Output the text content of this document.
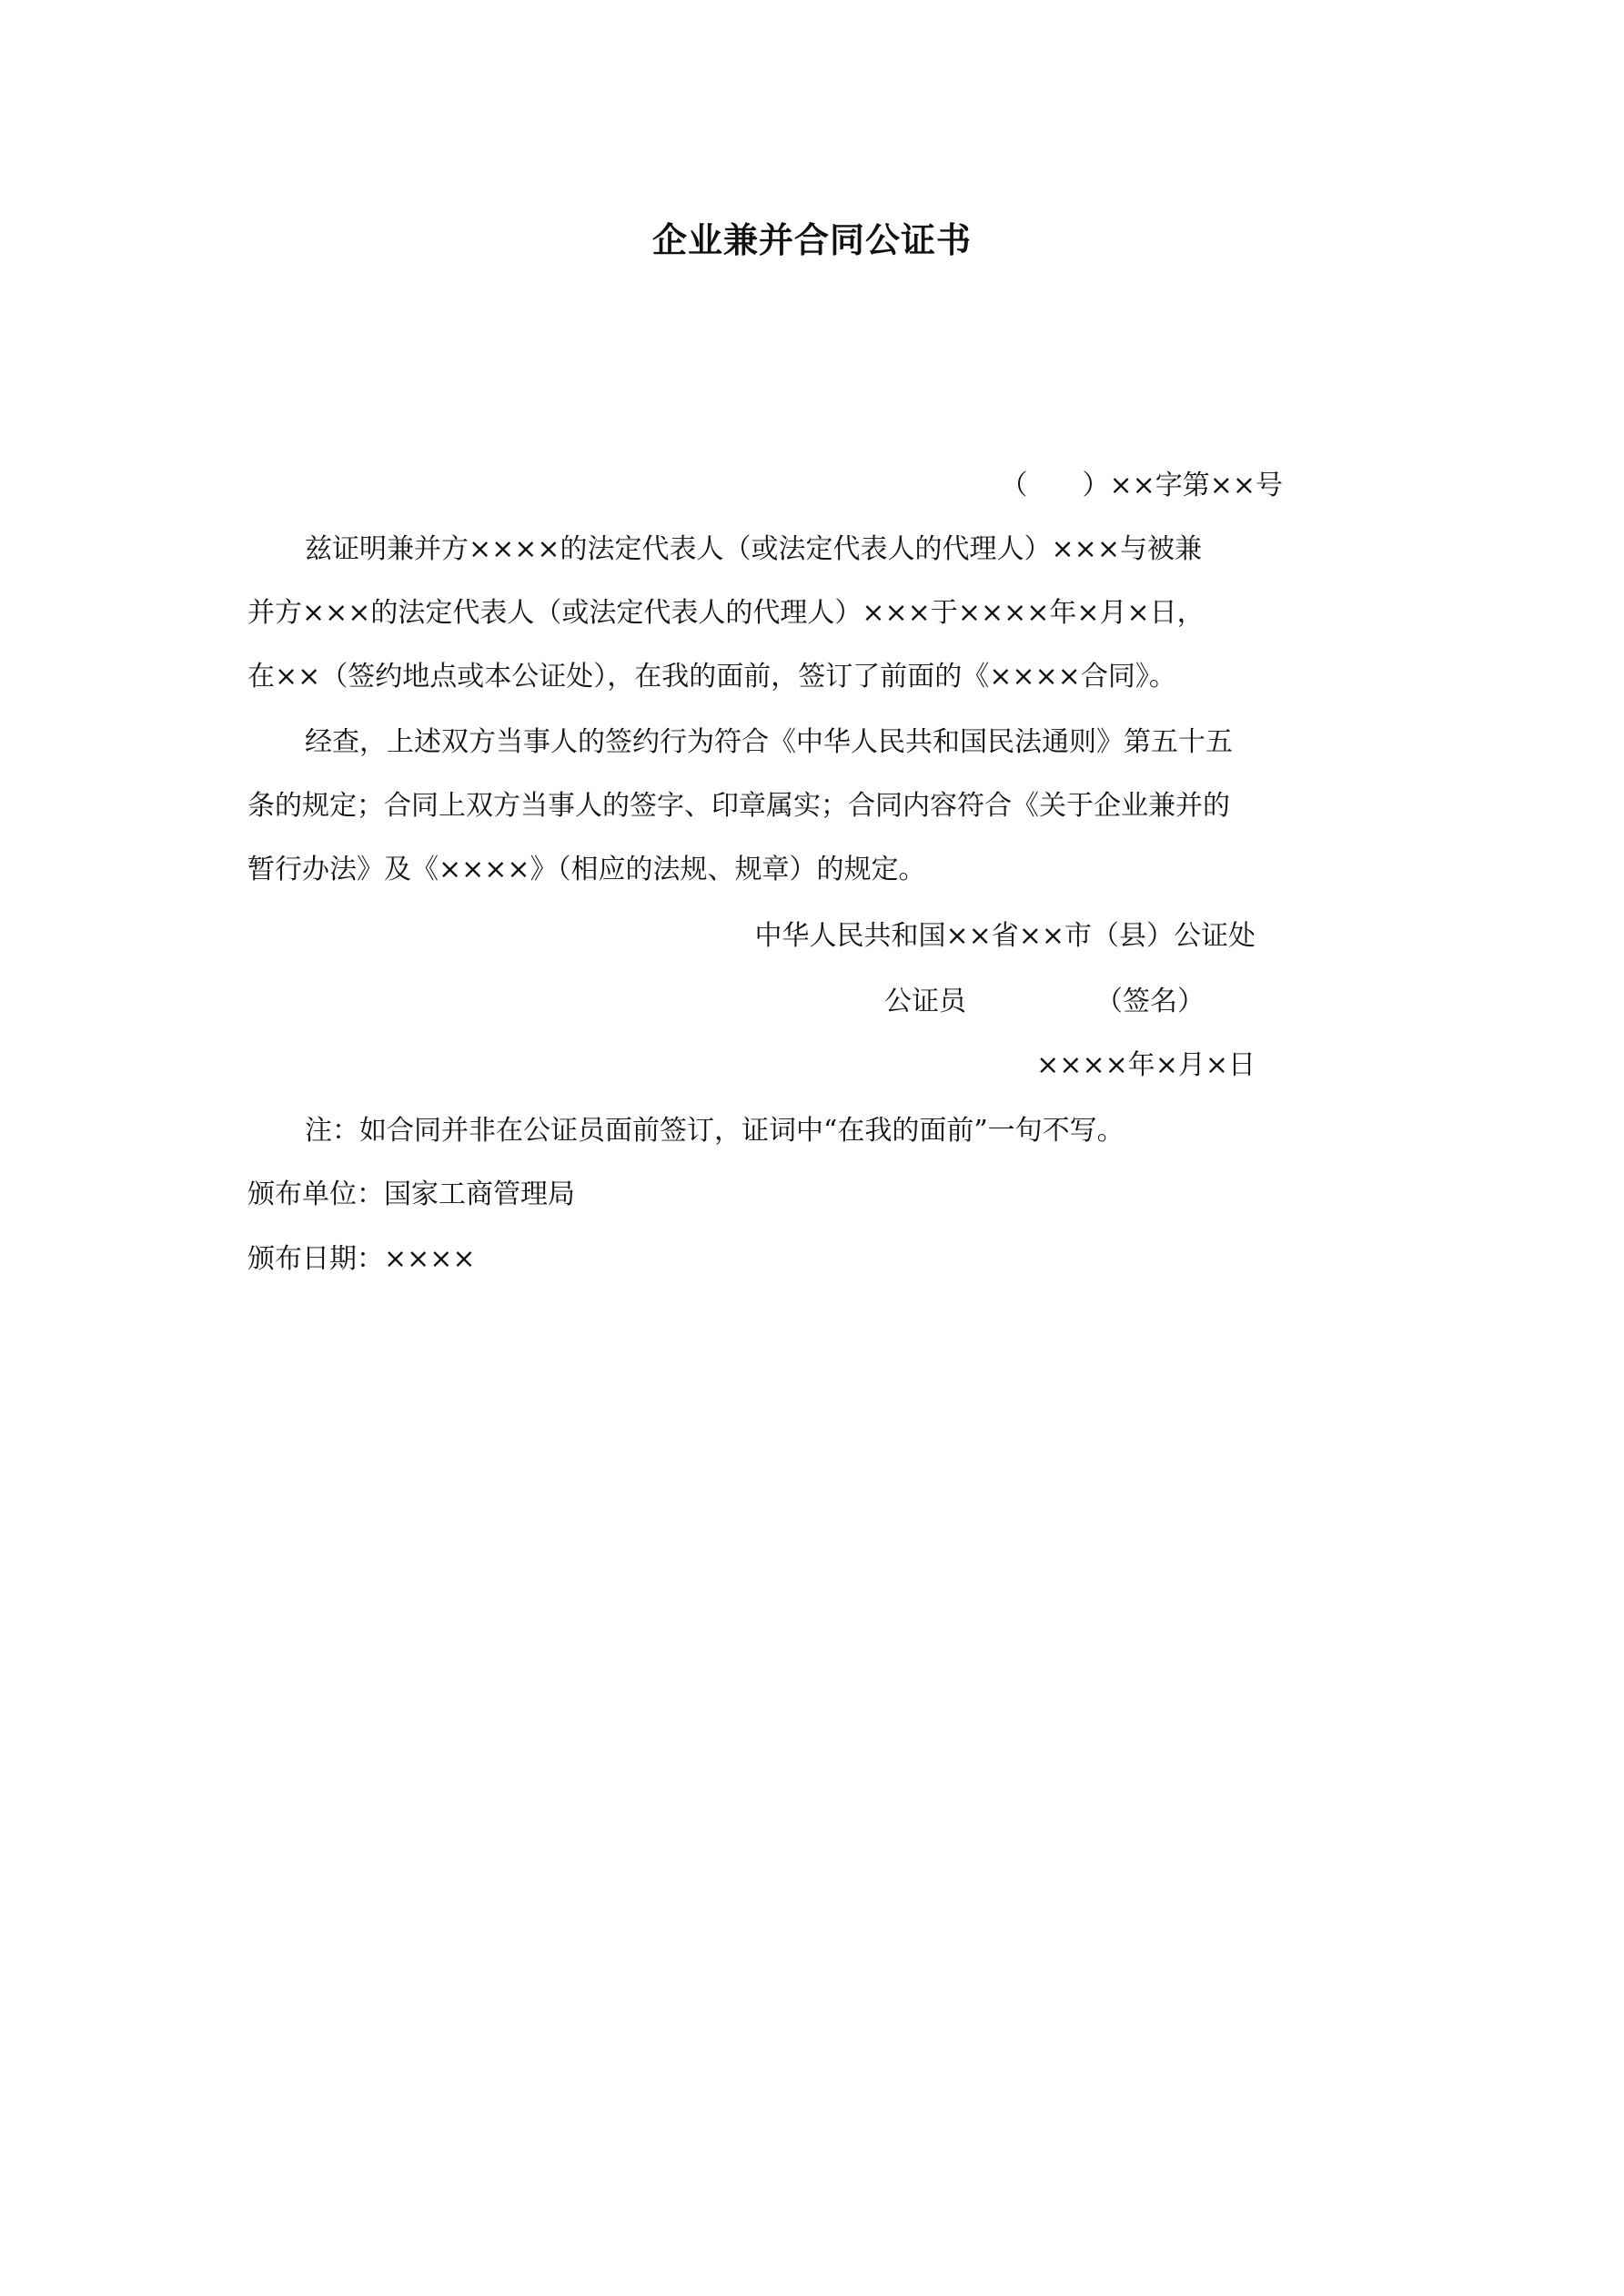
企业兼并合同公证书
（　　）××字第××号
兹证明兼并方××××的法定代表人（或法定代表人的代理人）×××与被兼
并方×××的法定代表人（或法定代表人的代理人）×××于××××年×月×日，
在××（签约地点或本公证处），在我的面前，签订了前面的《××××合同》。
经查，上述双方当事人的签约行为符合《中华人民共和国民法通则》第五十五
条的规定；合同上双方当事人的签字、印章属实；合同内容符合《关于企业兼并的
暂行办法》及《××××》（相应的法规、规章）的规定。
中华人民共和国××省××市（县）公证处
公证员	（签名）
××××年×月×日
注：如合同并非在公证员面前签订，证词中“在我的面前”一句不写。
颁布单位：国家工商管理局
颁布日期：××××
